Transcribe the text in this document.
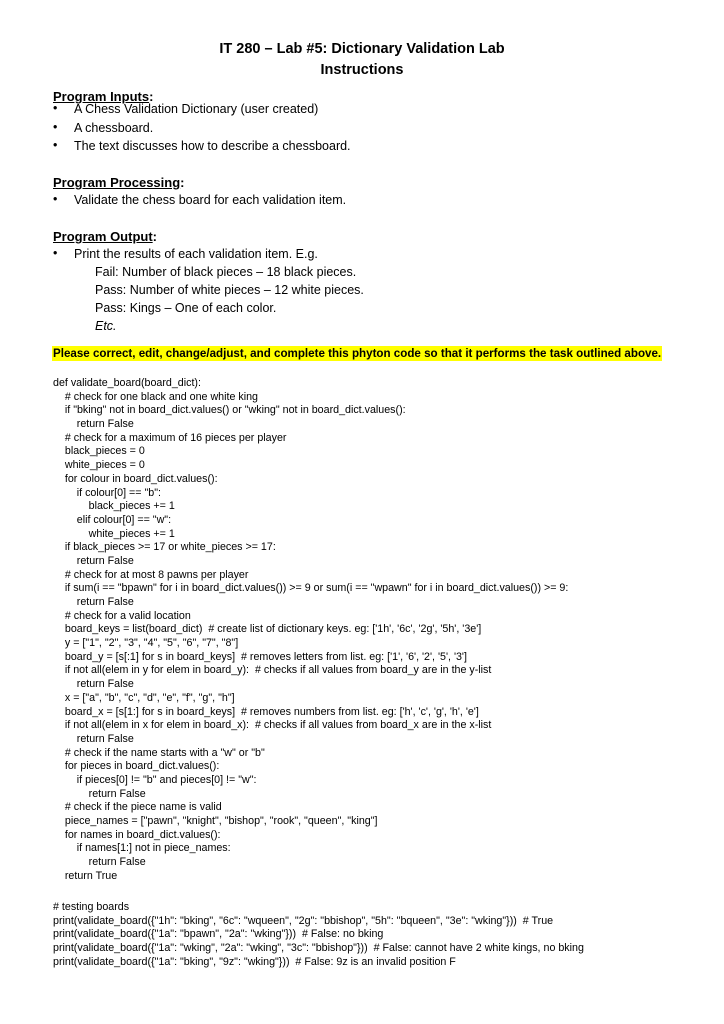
IT 280 – Lab #5: Dictionary Validation Lab
Instructions
Program Inputs:
• A Chess Validation Dictionary (user created)
• A chessboard.
• The text discusses how to describe a chessboard.
Program Processing:
• Validate the chess board for each validation item.
Program Output:
• Print the results of each validation item. E.g.
Fail: Number of black pieces – 18 black pieces.
Pass: Number of white pieces – 12 white pieces.
Pass: Kings – One of each color.
Etc.
Please correct, edit, change/adjust, and complete this phyton code so that it performs the task outlined above.
def validate_board(board_dict):
# check for one black and one white king
if "bking" not in board_dict.values() or "wking" not in board_dict.values():
return False
# check for a maximum of 16 pieces per player
black_pieces = 0
white_pieces = 0
for colour in board_dict.values():
if colour[0] == "b":
black_pieces += 1
elif colour[0] == "w":
white_pieces += 1
if black_pieces >= 17 or white_pieces >= 17:
return False
# check for at most 8 pawns per player
if sum(i == "bpawn" for i in board_dict.values()) >= 9 or sum(i == "wpawn" for i in board_dict.values()) >= 9:
return False
# check for a valid location
board_keys = list(board_dict)  # create list of dictionary keys. eg: ['1h', '6c', '2g', '5h', '3e']
y = ["1", "2", "3", "4", "5", "6", "7", "8"]
board_y = [s[:1] for s in board_keys]  # removes letters from list. eg: ['1', '6', '2', '5', '3']
if not all(elem in y for elem in board_y):  # checks if all values from board_y are in the y-list
return False
x = ["a", "b", "c", "d", "e", "f", "g", "h"]
board_x = [s[1:] for s in board_keys]  # removes numbers from list. eg: ['h', 'c', 'g', 'h', 'e']
if not all(elem in x for elem in board_x):  # checks if all values from board_x are in the x-list
return False
# check if the name starts with a "w" or "b"
for pieces in board_dict.values():
if pieces[0] != "b" and pieces[0] != "w":
return False
# check if the piece name is valid
piece_names = ["pawn", "knight", "bishop", "rook", "queen", "king"]
for names in board_dict.values():
if names[1:] not in piece_names:
return False
return True
# testing boards
print(validate_board({"1h": "bking", "6c": "wqueen", "2g": "bbishop", "5h": "bqueen", "3e": "wking"}))  # True
print(validate_board({"1a": "bpawn", "2a": "wking"}))  # False: no bking
print(validate_board({"1a": "wking", "2a": "wking", "3c": "bbishop"}))  # False: cannot have 2 white kings, no bking
print(validate_board({"1a": "bking", "9z": "wking"}))  # False: 9z is an invalid position F
